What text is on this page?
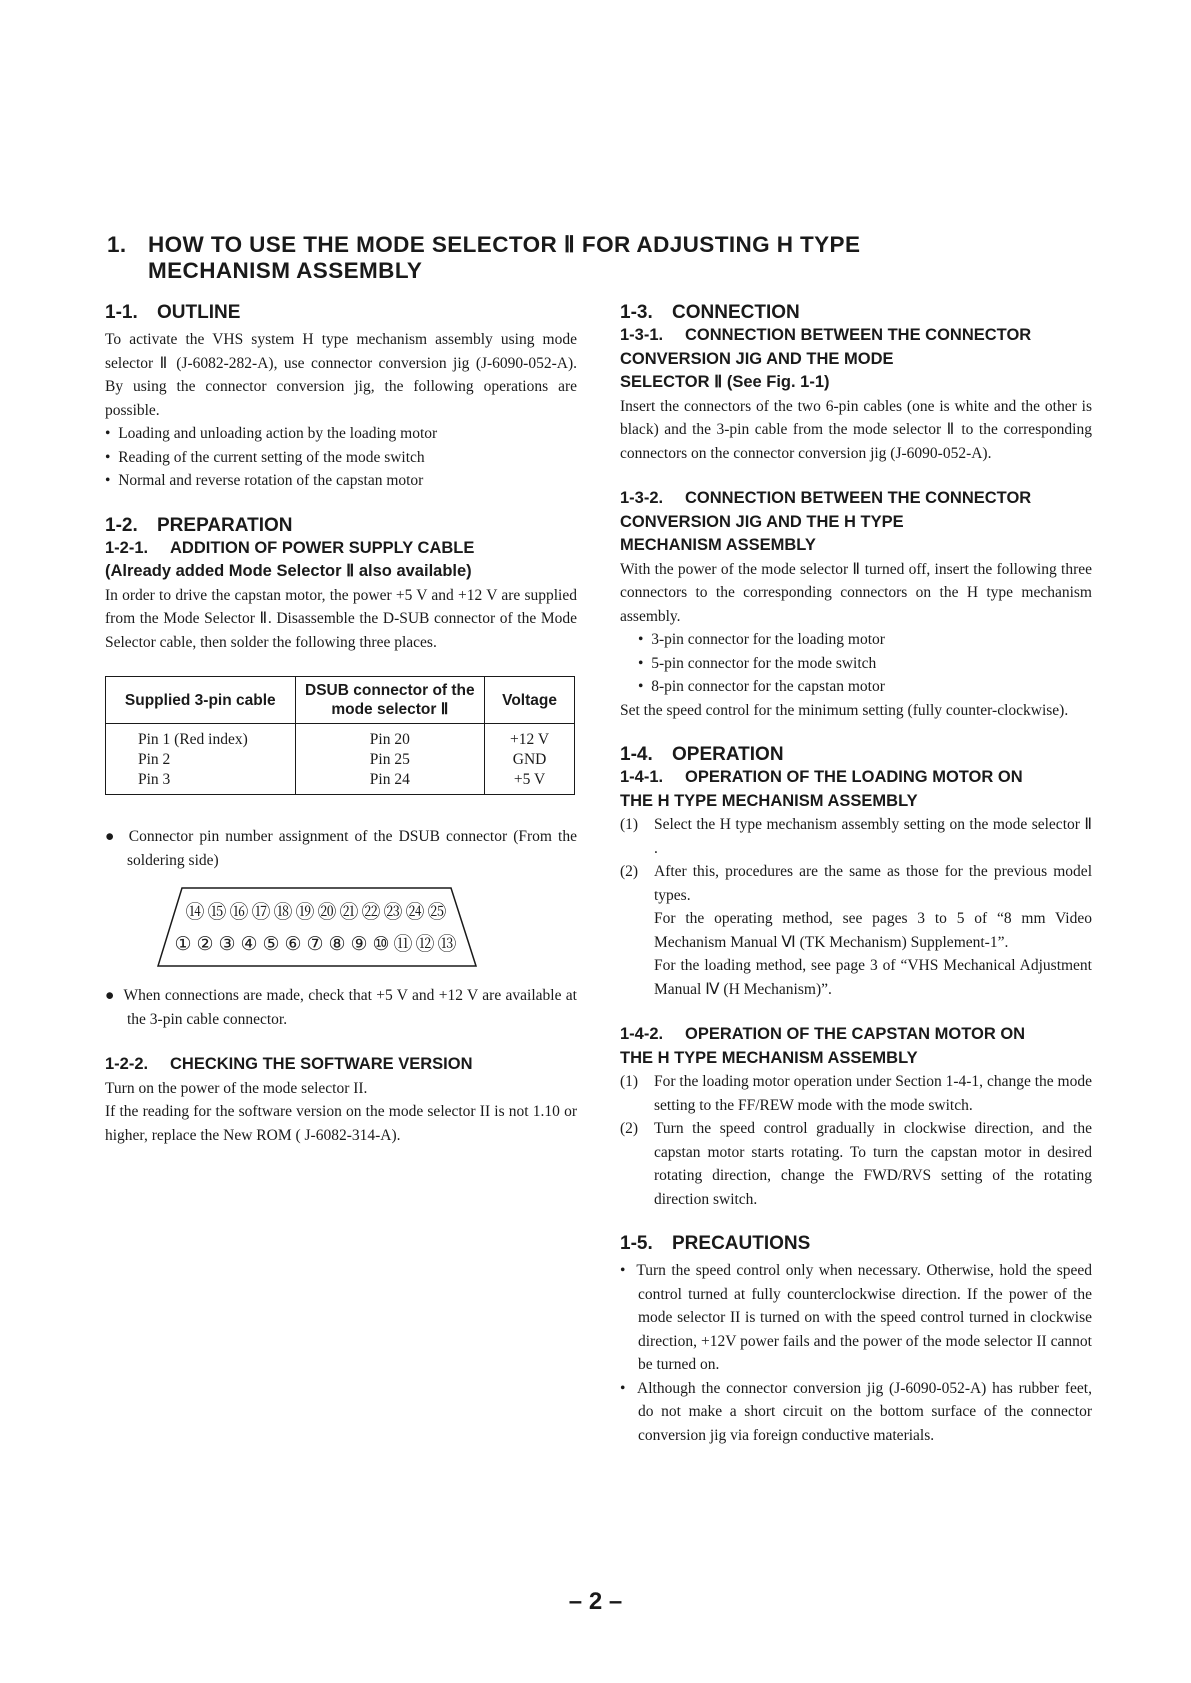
1. HOW TO USE THE MODE SELECTOR Ⅱ FOR ADJUSTING H TYPE
MECHANISM ASSEMBLY
1-1. OUTLINE

To activate the VHS system H type mechanism assembly using mode selector Ⅱ (J-6082-282-A), use connector conversion jig (J-6090-052-A). By using the connector conversion jig, the following operations are possible.

•  Loading and unloading action by the loading motor

•  Reading of the current setting of the mode switch

•  Normal and reverse rotation of the capstan motor

1-2. PREPARATION
1-2-1. ADDITION OF POWER SUPPLY CABLE
(Already added Mode Selector Ⅱ also available)

In order to drive the capstan motor, the power +5 V and +12 V are supplied from the Mode Selector Ⅱ. Disassemble the D-SUB connector of the Mode Selector cable, then solder the following three places.

Supplied 3-pin cable	DSUB connector of the mode selector Ⅱ	Voltage
Pin 1 (Red index)	Pin 20	+12 V
Pin 2	Pin 25	GND
Pin 3	Pin 24	+5 V

●  Connector pin number assignment of the DSUB connector (From the soldering side)

⑭ ⑮ ⑯ ⑰ ⑱ ⑲ ⑳ ㉑ ㉒ ㉓ ㉔ ㉕
① ② ③ ④ ⑤ ⑥ ⑦ ⑧ ⑨ ⑩ ⑪ ⑫ ⑬

●  When connections are made, check that +5 V and +12 V are available at the 3-pin cable connector.

1-2-2. CHECKING THE SOFTWARE VERSION

Turn on the power of the mode selector II.

If the reading for the software version on the mode selector II is not 1.10 or higher, replace the New ROM ( J-6082-314-A).

1-3. CONNECTION
1-3-1. CONNECTION BETWEEN THE CONNECTOR
CONVERSION JIG AND THE MODE
SELECTOR Ⅱ (See Fig. 1-1)

Insert the connectors of the two 6-pin cables (one is white and the other is black) and the 3-pin cable from the mode selector Ⅱ to the corresponding connectors on the connector conversion jig (J-6090-052-A).

1-3-2. CONNECTION BETWEEN THE CONNECTOR
CONVERSION JIG AND THE H TYPE
MECHANISM ASSEMBLY

With the power of the mode selector Ⅱ turned off, insert the following three connectors to the corresponding connectors on the H type mechanism assembly.

•  3-pin connector for the loading motor

•  5-pin connector for the mode switch

•  8-pin connector for the capstan motor

Set the speed control for the minimum setting (fully counter-clockwise).

1-4. OPERATION
1-4-1. OPERATION OF THE LOADING MOTOR ON
THE H TYPE MECHANISM ASSEMBLY

(1) Select the H type mechanism assembly setting on the mode selector Ⅱ .

(2) After this, procedures are the same as those for the previous model types.

For the operating method, see pages 3 to 5 of “8 mm Video Mechanism Manual Ⅵ (TK Mechanism) Supplement-1”.

For the loading method, see page 3 of “VHS Mechanical Adjustment Manual Ⅳ (H Mechanism)”.

1-4-2. OPERATION OF THE CAPSTAN MOTOR ON
THE H TYPE MECHANISM ASSEMBLY

(1) For the loading motor operation under Section 1-4-1, change the mode setting to the FF/REW mode with the mode switch.

(2) Turn the speed control gradually in clockwise direction, and the capstan motor starts rotating. To turn the capstan motor in desired rotating direction, change the FWD/RVS setting of the rotating direction switch.

1-5. PRECAUTIONS

•  Turn the speed control only when necessary. Otherwise, hold the speed control turned at fully counterclockwise direction. If the power of the mode selector II is turned on with the speed control turned in clockwise direction, +12V power fails and the power of the mode selector II cannot be turned on.

•  Although the connector conversion jig (J-6090-052-A) has rubber feet, do not make a short circuit on the bottom surface of the connector conversion jig via foreign conductive materials.

– 2 –
